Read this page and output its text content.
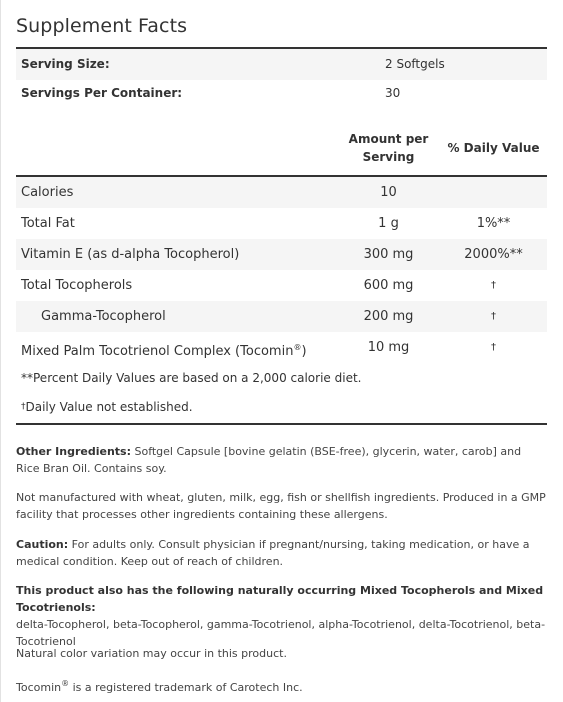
Supplement Facts
Serving Size:	2 Softgels
Servings Per Container:	30
Amount per
Serving
% Daily Value
Calories	10
Total Fat	1 g	1%**
Vitamin E (as d-alpha Tocopherol)	300 mg	2000%**
Total Tocopherols	600 mg	†
Gamma-Tocopherol	200 mg	†
Mixed Palm Tocotrienol Complex (Tocomin®)	10 mg	†
**Percent Daily Values are based on a 2,000 calorie diet.
†Daily Value not established.
Other Ingredients: Softgel Capsule [bovine gelatin (BSE-free), glycerin, water, carob] and Rice Bran Oil. Contains soy.
Not manufactured with wheat, gluten, milk, egg, fish or shellfish ingredients. Produced in a GMP facility that processes other ingredients containing these allergens.
Caution: For adults only. Consult physician if pregnant/nursing, taking medication, or have a medical condition. Keep out of reach of children.
This product also has the following naturally occurring Mixed Tocopherols and Mixed Tocotrienols:
delta-Tocopherol, beta-Tocopherol, gamma-Tocotrienol, alpha-Tocotrienol, delta-Tocotrienol, beta-Tocotrienol
Natural color variation may occur in this product.
Tocomin® is a registered trademark of Carotech Inc.
